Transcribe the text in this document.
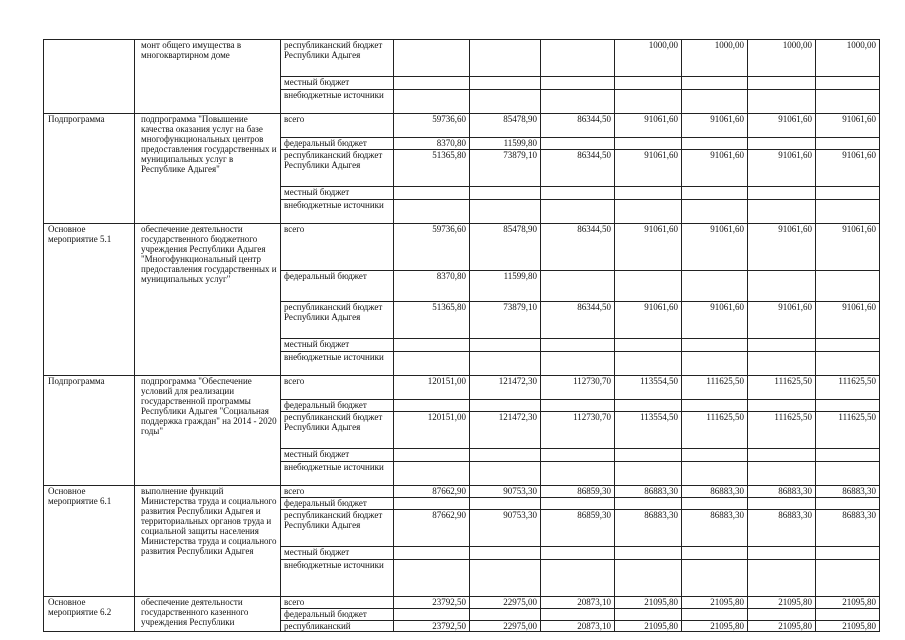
	монт общего имущества в многоквартирном доме	республиканский бюджет Республики Адыгея				1000,00	1000,00	1000,00	1000,00
		местный бюджет							
		внебюджетные источники							
Подпрограмма	подпрограмма "Повышение качества оказания услуг на базе многофункциональных центров предоставления государственных и муниципальных услуг в Республике Адыгея"	всего	59736,60	85478,90	86344,50	91061,60	91061,60	91061,60	91061,60
		федеральный бюджет	8370,80	11599,80					
		республиканский бюджет Республики Адыгея	51365,80	73879,10	86344,50	91061,60	91061,60	91061,60	91061,60
		местный бюджет							
		внебюджетные источники							
Основное мероприятие 5.1	обеспечение деятельности государственного бюджетного учреждения Республики Адыгея "Многофункциональный центр предоставления государственных и муниципальных услуг"	всего	59736,60	85478,90	86344,50	91061,60	91061,60	91061,60	91061,60
		федеральный бюджет	8370,80	11599,80					
		республиканский бюджет Республики Адыгея	51365,80	73879,10	86344,50	91061,60	91061,60	91061,60	91061,60
		местный бюджет							
		внебюджетные источники							
Подпрограмма	подпрограмма "Обеспечение условий для реализации государственной программы Республики Адыгея "Социальная поддержка граждан" на 2014 - 2020 годы"	всего	120151,00	121472,30	112730,70	113554,50	111625,50	111625,50	111625,50
		федеральный бюджет							
		республиканский бюджет Республики Адыгея	120151,00	121472,30	112730,70	113554,50	111625,50	111625,50	111625,50
		местный бюджет							
		внебюджетные источники							
Основное мероприятие 6.1	выполнение функций Министерства труда и социального развития Республики Адыгея и территориальных органов труда и социальной защиты населения Министерства труда и социального развития Республики Адыгея	всего	87662,90	90753,30	86859,30	86883,30	86883,30	86883,30	86883,30
		федеральный бюджет							
		республиканский бюджет Республики Адыгея	87662,90	90753,30	86859,30	86883,30	86883,30	86883,30	86883,30
		местный бюджет							
		внебюджетные источники							
Основное мероприятие 6.2	обеспечение деятельности государственного казенного учреждения Республики	всего	23792,50	22975,00	20873,10	21095,80	21095,80	21095,80	21095,80
		федеральный бюджет							
		республиканский	23792,50	22975,00	20873,10	21095,80	21095,80	21095,80	21095,80
